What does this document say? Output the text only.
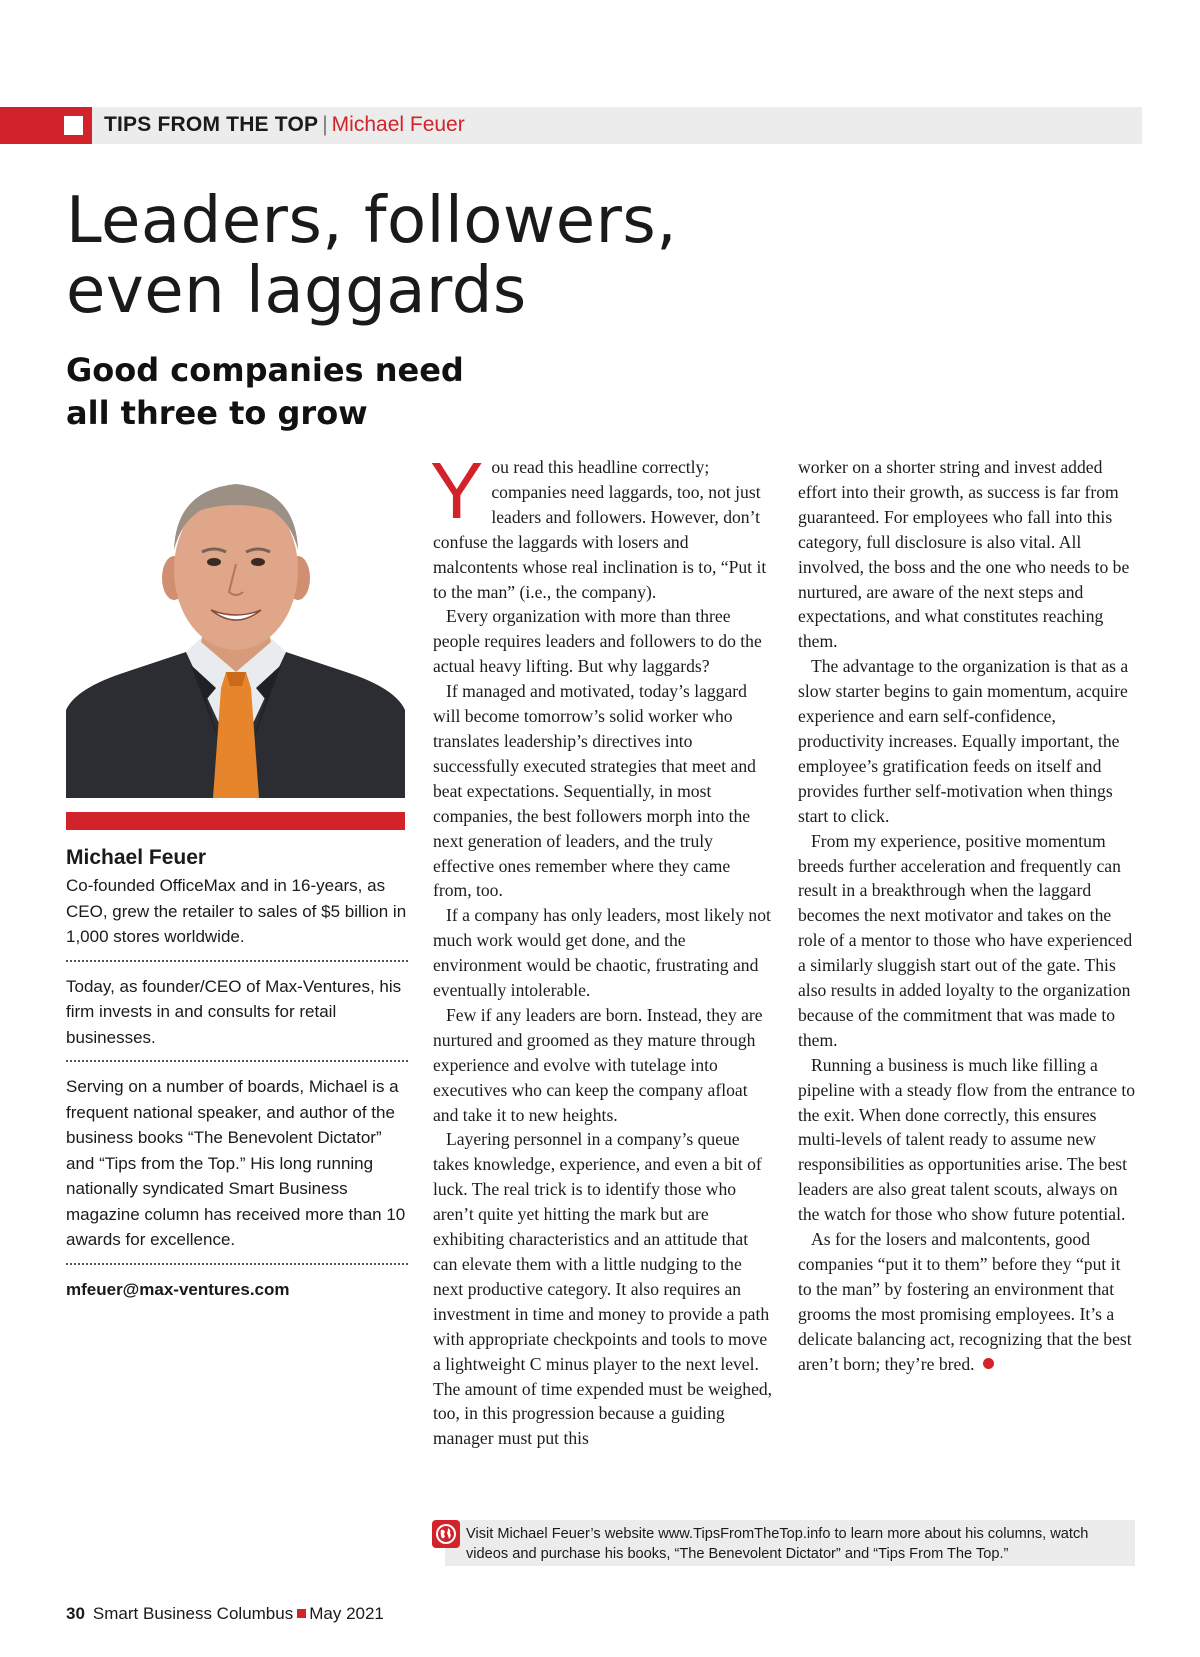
TIPS FROM THE TOP | Michael Feuer
Leaders, followers,
even laggards
Good companies need
all three to grow

Michael Feuer

Co-founded OfficeMax and in 16-years, as CEO, grew the retailer to sales of $5 billion in 1,000 stores worldwide.

Today, as founder/CEO of Max-Ventures, his firm invests in and consults for retail businesses.

Serving on a number of boards, Michael is a frequent national speaker, and author of the business books “The Benevolent Dictator” and “Tips from the Top.” His long running nationally syndicated Smart Business magazine column has received more than 10 awards for excellence.

mfeuer@max-ventures.com

You read this headline correctly; companies need laggards, too, not just leaders and followers. However, don’t confuse the laggards with losers and malcontents whose real inclination is to, “Put it to the man” (i.e., the company).

Every organization with more than three people requires leaders and followers to do the actual heavy lifting. But why laggards?

If managed and motivated, today’s laggard will become tomorrow’s solid worker who translates leadership’s directives into successfully executed strategies that meet and beat expectations. Sequentially, in most companies, the best followers morph into the next generation of leaders, and the truly effective ones remember where they came from, too.

If a company has only leaders, most likely not much work would get done, and the environment would be chaotic, frustrating and eventually intolerable.

Few if any leaders are born. Instead, they are nurtured and groomed as they mature through experience and evolve with tutelage into executives who can keep the company afloat and take it to new heights.

Layering personnel in a company’s queue takes knowledge, experience, and even a bit of luck. The real trick is to identify those who aren’t quite yet hitting the mark but are exhibiting characteristics and an attitude that can elevate them with a little nudging to the next productive category. It also requires an investment in time and money to provide a path with appropriate checkpoints and tools to move a lightweight C minus player to the next level. The amount of time expended must be weighed, too, in this progression because a guiding manager must put this

worker on a shorter string and invest added effort into their growth, as success is far from guaranteed. For employees who fall into this category, full disclosure is also vital. All involved, the boss and the one who needs to be nurtured, are aware of the next steps and expectations, and what constitutes reaching them.

The advantage to the organization is that as a slow starter begins to gain momentum, acquire experience and earn self-confidence, productivity increases. Equally important, the employee’s gratification feeds on itself and provides further self-motivation when things start to click.

From my experience, positive momentum breeds further acceleration and frequently can result in a breakthrough when the laggard becomes the next motivator and takes on the role of a mentor to those who have experienced a similarly sluggish start out of the gate. This also results in added loyalty to the organization because of the commitment that was made to them.

Running a business is much like filling a pipeline with a steady flow from the entrance to the exit. When done correctly, this ensures multi-levels of talent ready to assume new responsibilities as opportunities arise. The best leaders are also great talent scouts, always on the watch for those who show future potential.

As for the losers and malcontents, good companies “put it to them” before they “put it to the man” by fostering an environment that grooms the most promising employees. It’s a delicate balancing act, recognizing that the best aren’t born; they’re bred.

Visit Michael Feuer’s website www.TipsFromTheTop.info to learn more about his columns, watch videos and purchase his books, “The Benevolent Dictator” and “Tips From The Top.”
30 Smart Business Columbus May 2021
